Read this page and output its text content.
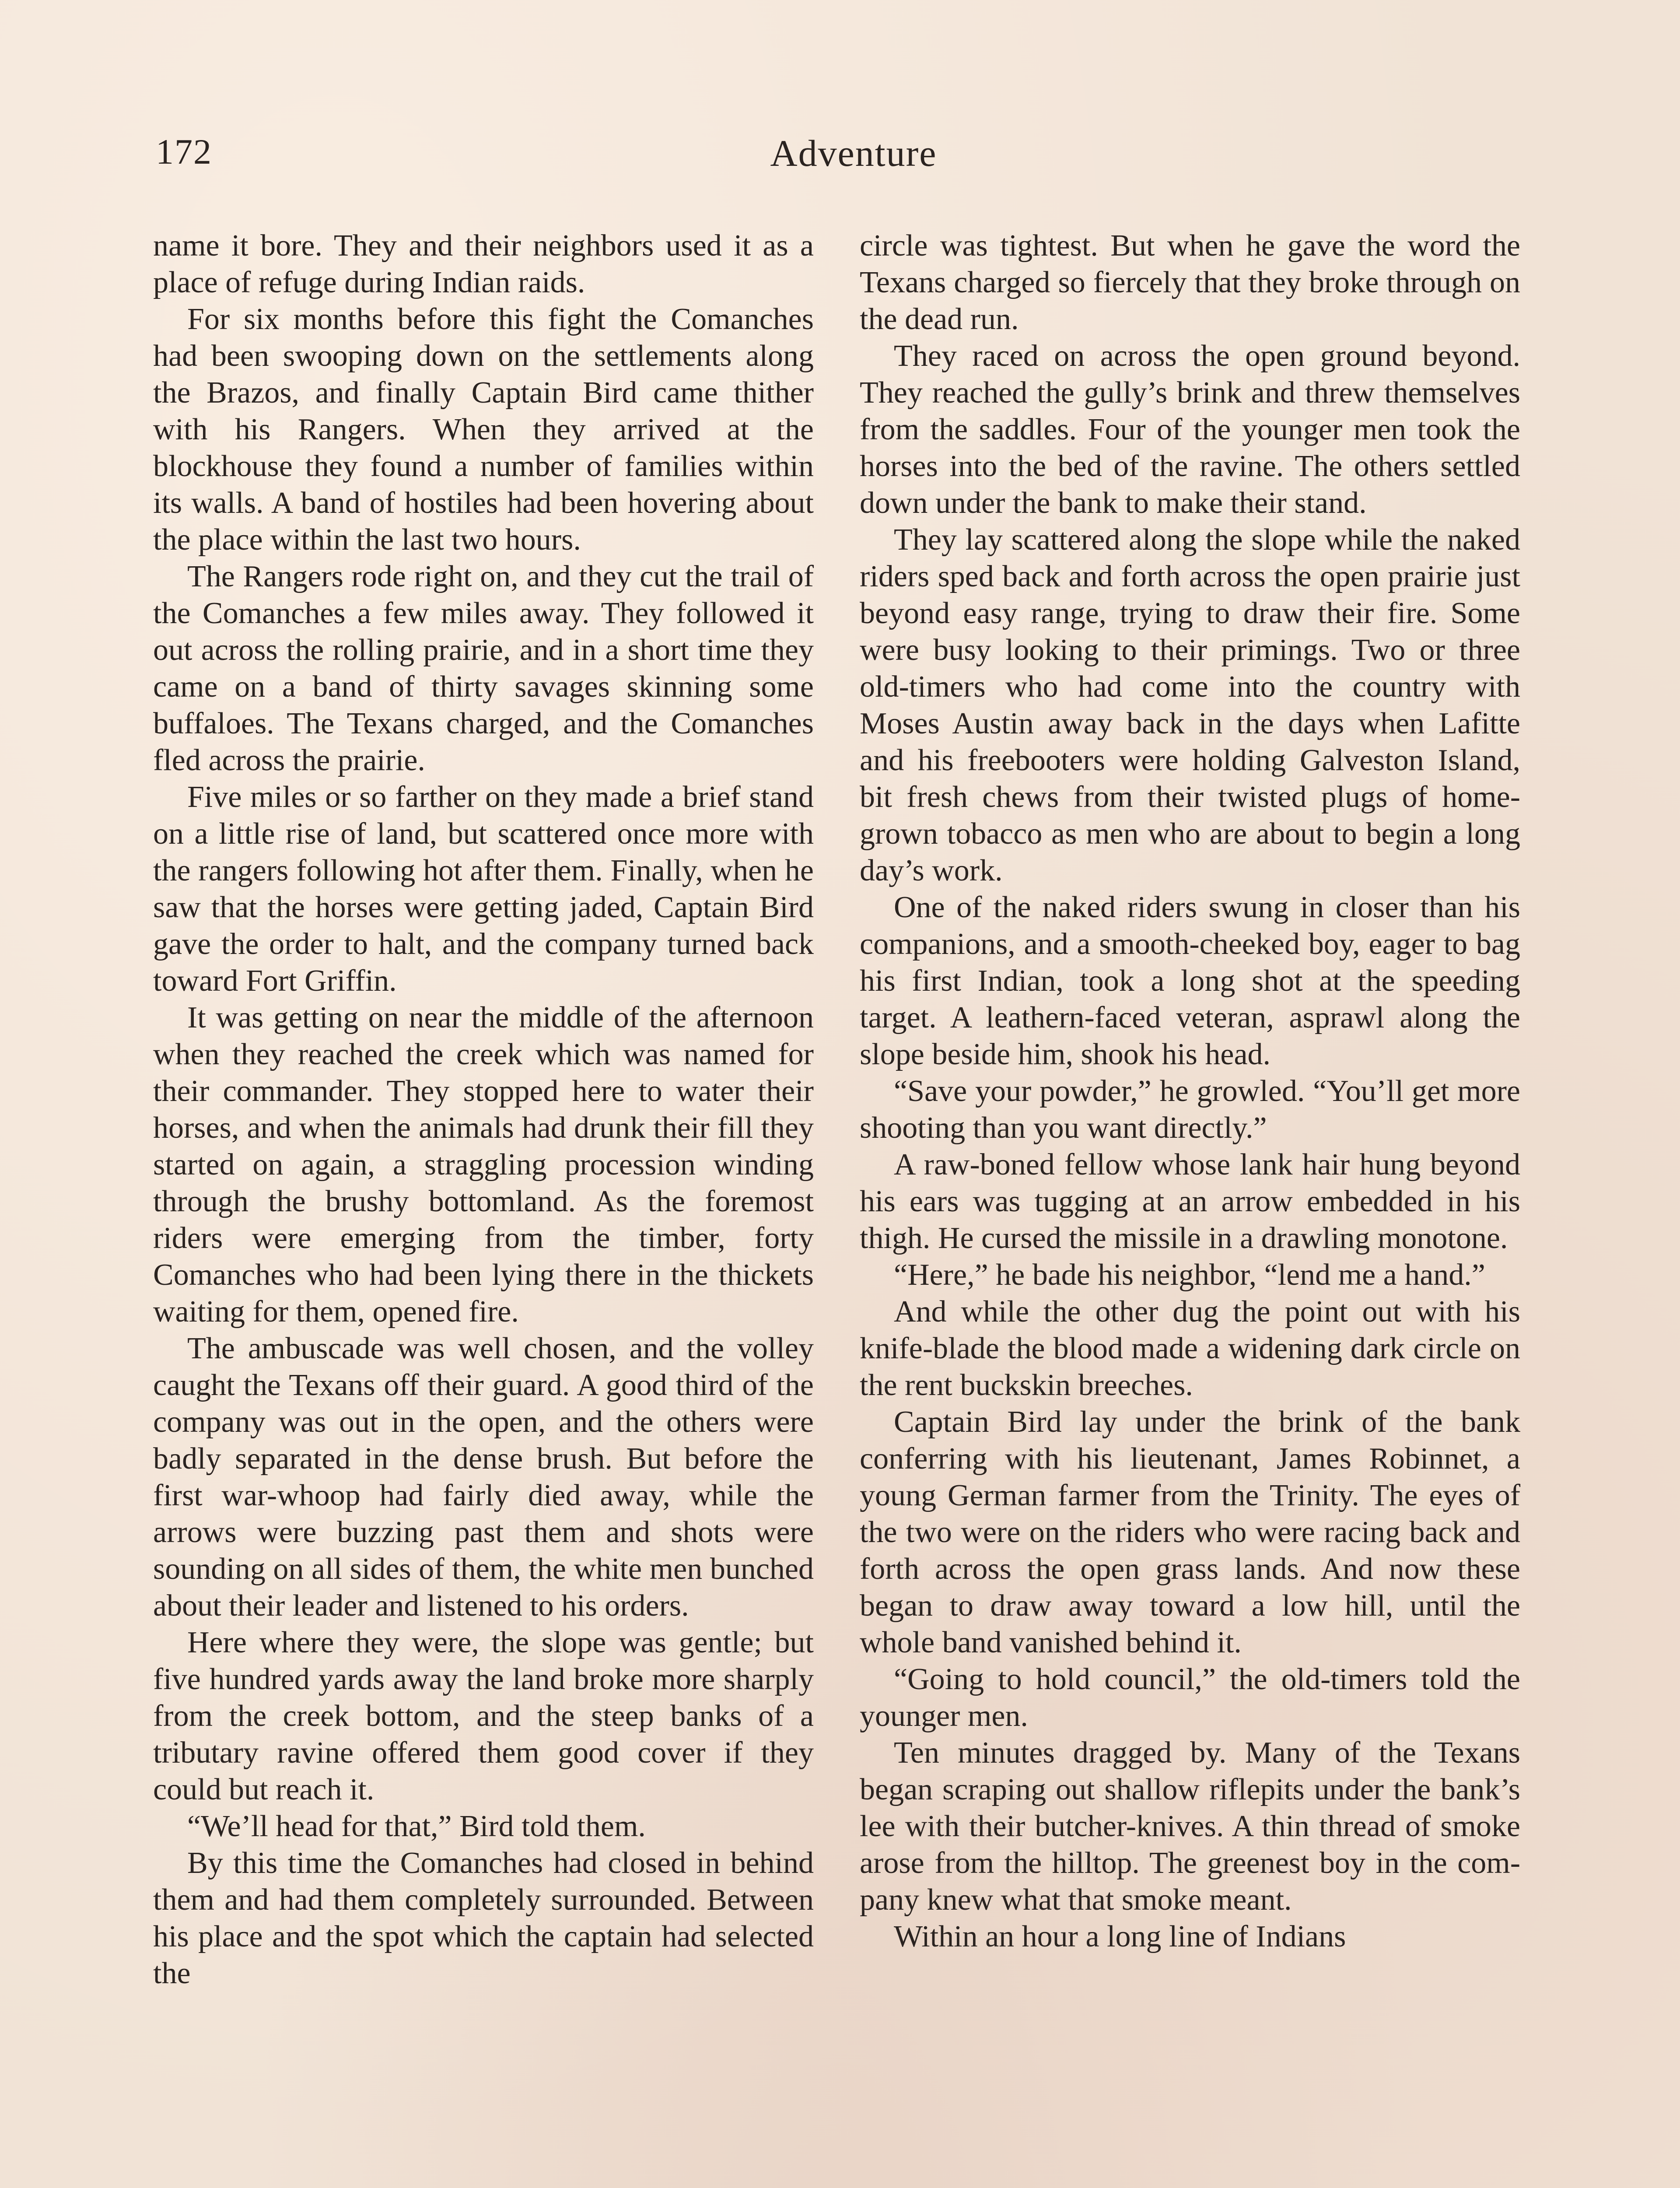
172	Adventure

name it bore. They and their neighbors used it as a place of refuge during Indian raids.

For six months before this fight the Comanches had been swooping down on the settlements along the Brazos, and finally Captain Bird came thither with his Rangers. When they arrived at the blockhouse they found a number of families within its walls. A band of hostiles had been hovering about the place within the last two hours.

The Rangers rode right on, and they cut the trail of the Comanches a few miles away. They followed it out across the rolling prairie, and in a short time they came on a band of thirty savages skinning some buffaloes. The Texans charged, and the Comanches fled across the prairie.

Five miles or so farther on they made a brief stand on a little rise of land, but scattered once more with the rangers following hot after them. Finally, when he saw that the horses were getting jaded, Captain Bird gave the order to halt, and the company turned back toward Fort Griffin.

It was getting on near the middle of the afternoon when they reached the creek which was named for their commander. They stopped here to water their horses, and when the animals had drunk their fill they started on again, a straggling procession winding through the brushy bottomland. As the foremost riders were emerging from the timber, forty Comanches who had been lying there in the thickets waiting for them, opened fire.

The ambuscade was well chosen, and the volley caught the Texans off their guard. A good third of the company was out in the open, and the others were badly separated in the dense brush. But before the first war-whoop had fairly died away, while the arrows were buzzing past them and shots were sounding on all sides of them, the white men bunched about their leader and listened to his orders.

Here where they were, the slope was gentle; but five hundred yards away the land broke more sharply from the creek bottom, and the steep banks of a tributary ravine offered them good cover if they could but reach it.

“We’ll head for that,” Bird told them.

By this time the Comanches had closed in behind them and had them completely surrounded. Between his place and the spot which the captain had selected the

circle was tightest. But when he gave the word the Texans charged so fiercely that they broke through on the dead run.

They raced on across the open ground beyond. They reached the gully’s brink and threw themselves from the saddles. Four of the younger men took the horses into the bed of the ravine. The others settled down under the bank to make their stand.

They lay scattered along the slope while the naked riders sped back and forth across the open prairie just beyond easy range, trying to draw their fire. Some were busy looking to their primings. Two or three old-timers who had come into the country with Moses Austin away back in the days when Lafitte and his freebooters were holding Galveston Island, bit fresh chews from their twisted plugs of homegrown tobacco as men who are about to begin a long day’s work.

One of the naked riders swung in closer than his companions, and a smooth-cheeked boy, eager to bag his first Indian, took a long shot at the speeding target. A leathern-faced veteran, asprawl along the slope beside him, shook his head.

“Save your powder,” he growled. “You’ll get more shooting than you want directly.”

A raw-boned fellow whose lank hair hung beyond his ears was tugging at an arrow embedded in his thigh. He cursed the missile in a drawling monotone.

“Here,” he bade his neighbor, “lend me a hand.”

And while the other dug the point out with his knife-blade the blood made a widening dark circle on the rent buckskin breeches.

Captain Bird lay under the brink of the bank conferring with his lieutenant, James Robinnet, a young German farmer from the Trinity. The eyes of the two were on the riders who were racing back and forth across the open grass lands. And now these began to draw away toward a low hill, until the whole band vanished behind it.

“Going to hold council,” the old-timers told the younger men.

Ten minutes dragged by. Many of the Texans began scraping out shallow riflepits under the bank’s lee with their butcher-knives. A thin thread of smoke arose from the hilltop. The greenest boy in the company knew what that smoke meant.

Within an hour a long line of Indians
